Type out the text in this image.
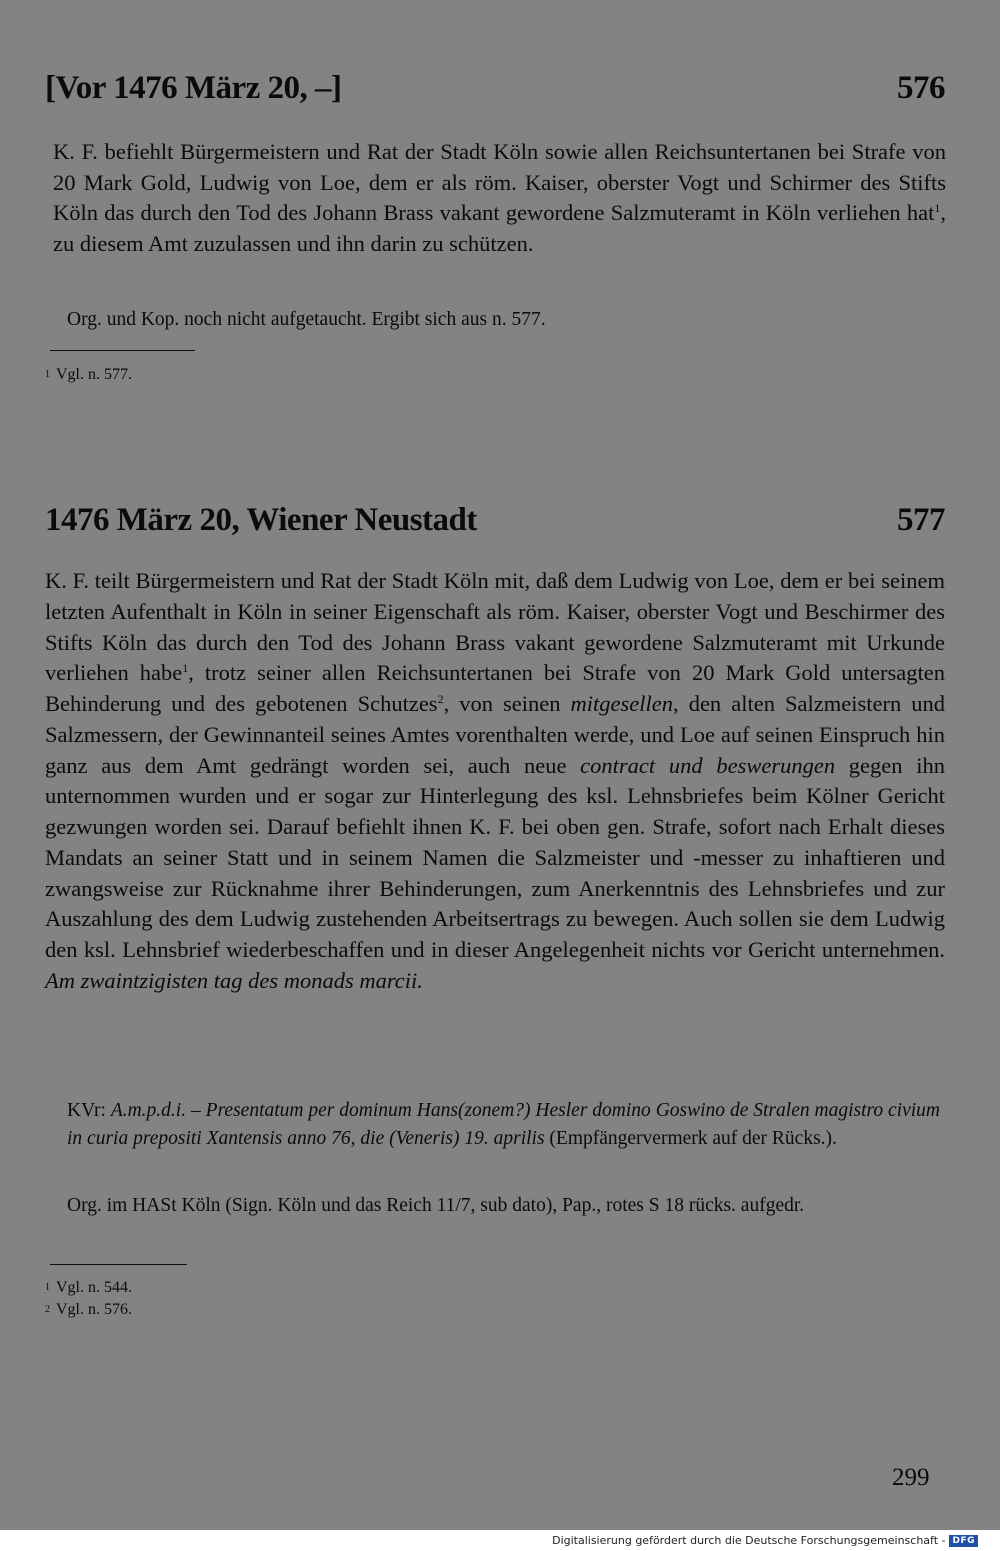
[Vor 1476 März 20, –]	576
K. F. befiehlt Bürgermeistern und Rat der Stadt Köln sowie allen Reichsuntertanen bei Strafe von 20 Mark Gold, Ludwig von Loe, dem er als röm. Kaiser, oberster Vogt und Schirmer des Stifts Köln das durch den Tod des Johann Brass vakant gewordene Salzmuteramt in Köln verliehen hat$^1$, zu diesem Amt zuzulassen und ihn darin zu schützen.
Org. und Kop. noch nicht aufgetaucht. Ergibt sich aus n. 577.
$^1$ Vgl. n. 577.
1476 März 20, Wiener Neustadt	577
K. F. teilt Bürgermeistern und Rat der Stadt Köln mit, daß dem Ludwig von Loe, dem er bei seinem letzten Aufenthalt in Köln in seiner Eigenschaft als röm. Kaiser, oberster Vogt und Beschirmer des Stifts Köln das durch den Tod des Johann Brass vakant gewordene Salzmuteramt mit Urkunde verliehen habe$^1$, trotz seiner allen Reichsuntertanen bei Strafe von 20 Mark Gold untersagten Behinderung und des gebotenen Schutzes$^2$, von seinen mitgesellen, den alten Salzmeistern und Salzmessern, der Gewinnanteil seines Amtes vorenthalten werde, und Loe auf seinen Einspruch hin ganz aus dem Amt gedrängt worden sei, auch neue contract und beswerungen gegen ihn unternommen wurden und er sogar zur Hinterlegung des ksl. Lehnsbriefes beim Kölner Gericht gezwungen worden sei. Darauf befiehlt ihnen K. F. bei oben gen. Strafe, sofort nach Erhalt dieses Mandats an seiner Statt und in seinem Namen die Salzmeister und -messer zu inhaftieren und zwangsweise zur Rücknahme ihrer Behinderungen, zum Anerkenntnis des Lehnsbriefes und zur Auszahlung des dem Ludwig zustehenden Arbeitsertrags zu bewegen. Auch sollen sie dem Ludwig den ksl. Lehnsbrief wiederbeschaffen und in dieser Angelegenheit nichts vor Gericht unternehmen. Am zwaintzigisten tag des monads marcii.
KVr: A.m.p.d.i. – Presentatum per dominum Hans(zonem?) Hesler domino Goswino de Stralen magistro civium in curia prepositi Xantensis anno 76, die (Veneris) 19. aprilis (Empfängervermerk auf der Rücks.).
Org. im HASt Köln (Sign. Köln und das Reich 11/7, sub dato), Pap., rotes S 18 rücks. aufgedr.
$^1$ Vgl. n. 544.
$^2$ Vgl. n. 576.
299
Digitalisierung gefördert durch die Deutsche Forschungsgemeinschaft - DFG
